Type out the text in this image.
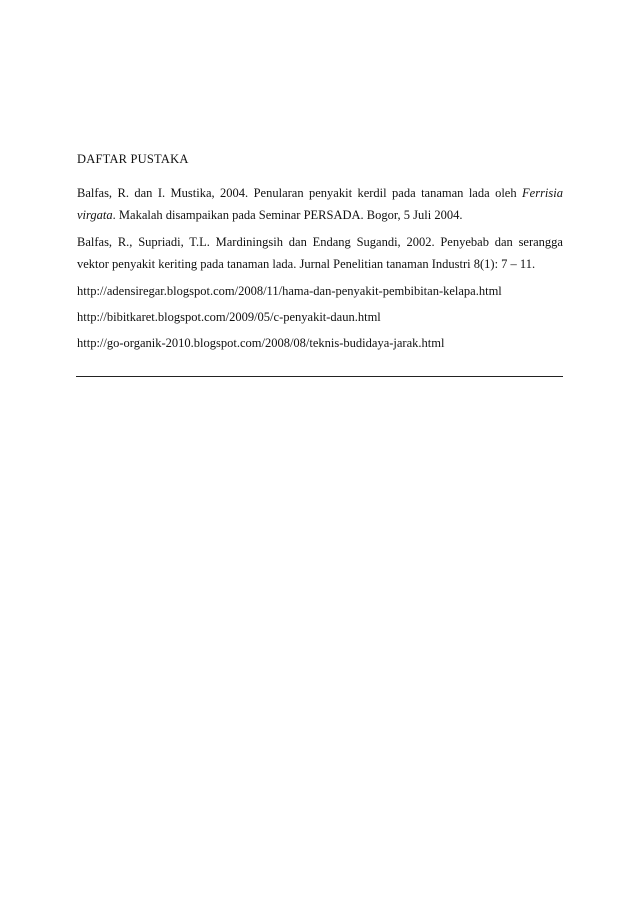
DAFTAR PUSTAKA
Balfas, R. dan I. Mustika, 2004. Penularan penyakit kerdil pada tanaman lada oleh Ferrisia virgata. Makalah disampaikan pada Seminar PERSADA. Bogor, 5 Juli 2004.
Balfas, R., Supriadi, T.L. Mardiningsih dan Endang Sugandi, 2002. Penyebab dan serangga vektor penyakit keriting pada tanaman lada. Jurnal Penelitian tanaman Industri 8(1): 7 – 11.
http://adensiregar.blogspot.com/2008/11/hama-dan-penyakit-pembibitan-kelapa.html
http://bibitkaret.blogspot.com/2009/05/c-penyakit-daun.html
http://go-organik-2010.blogspot.com/2008/08/teknis-budidaya-jarak.html
